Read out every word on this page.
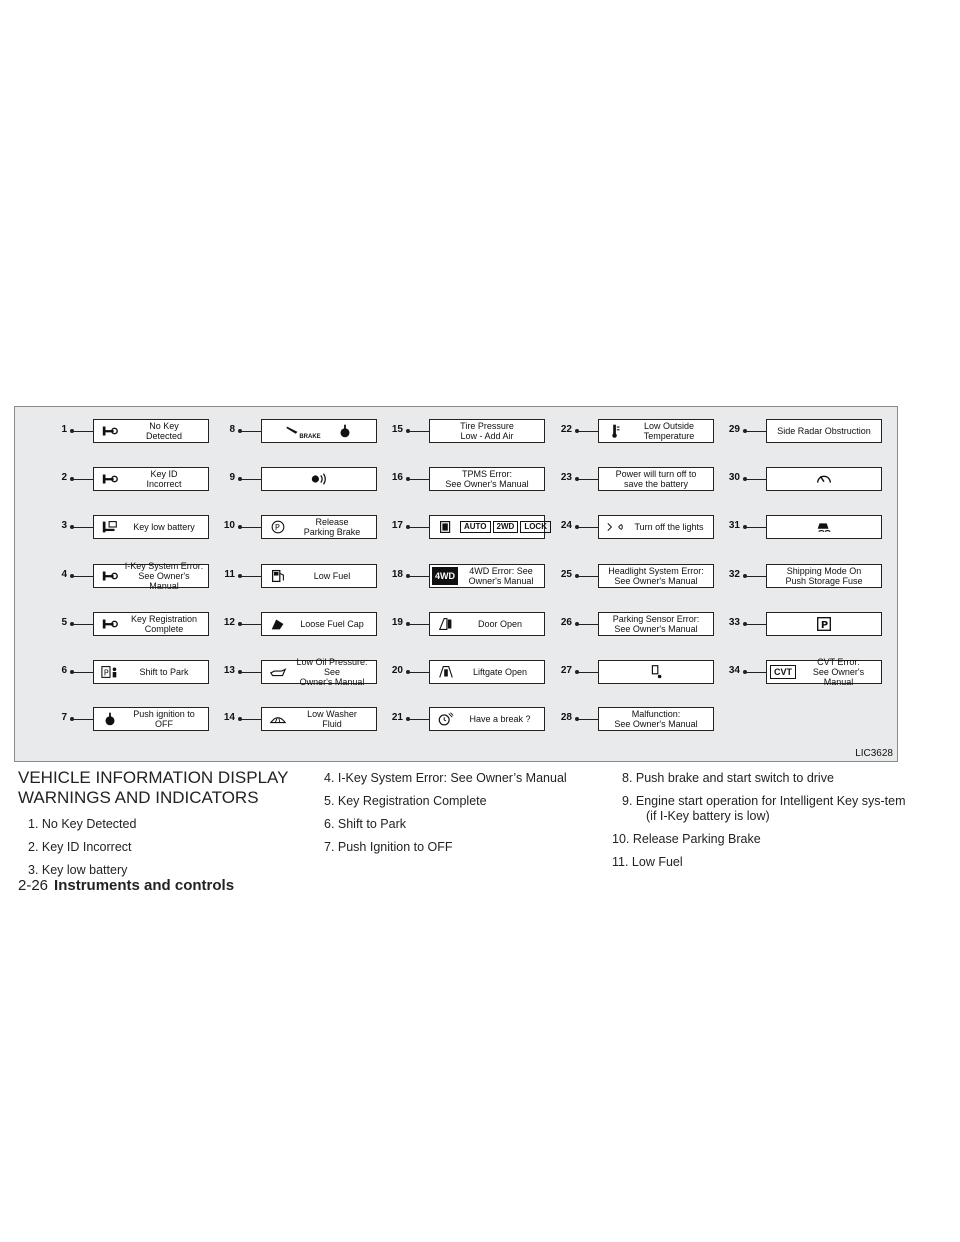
1	No Key
Detected
2	Key ID
Incorrect
3	Key low battery
4
I-Key System Error:
See Owner's Manual
5	Key Registration
Complete
6	P	Shift to Park
7	Push ignition to OFF
8
BRAKE
9
10	P
Release
Parking Brake
11	Low Fuel
12	Loose Fuel Cap
13
Low Oil Pressure: See
Owner's Manual
14	Low Washer
Fluid
15	Tire Pressure
Low - Add Air
16	TPMS Error:
See Owner's Manual
17	AUTO	2WD	LOCK
18	4WD	4WD Error: See
Owner's Manual
19	Door Open
20	Liftgate Open
21	Have a break ?
22	Low Outside
Temperature
23	Power will turn off to
save the battery
24	Turn off the lights
25	Headlight System Error:
See Owner's Manual
26	Parking Sensor Error:
See Owner's Manual
27
28	Malfunction:
See Owner's Manual
29	Side Radar Obstruction
30
31
32	Shipping Mode On
Push Storage Fuse
33	P
34	CVT
CVT Error:
See Owner's Manual
LIC3628
VEHICLE INFORMATION DISPLAY
WARNINGS AND INDICATORS
1. No Key Detected
2. Key ID Incorrect
3. Key low battery
4. I-Key System Error: See Owner’s Manual
5. Key Registration Complete
6. Shift to Park
7. Push Ignition to OFF
8. Push brake and start switch to drive
9. Engine start operation for Intelligent Key sys-tem (if I-Key battery is low)
10. Release Parking Brake
11. Low Fuel
2-26 Instruments and controls
